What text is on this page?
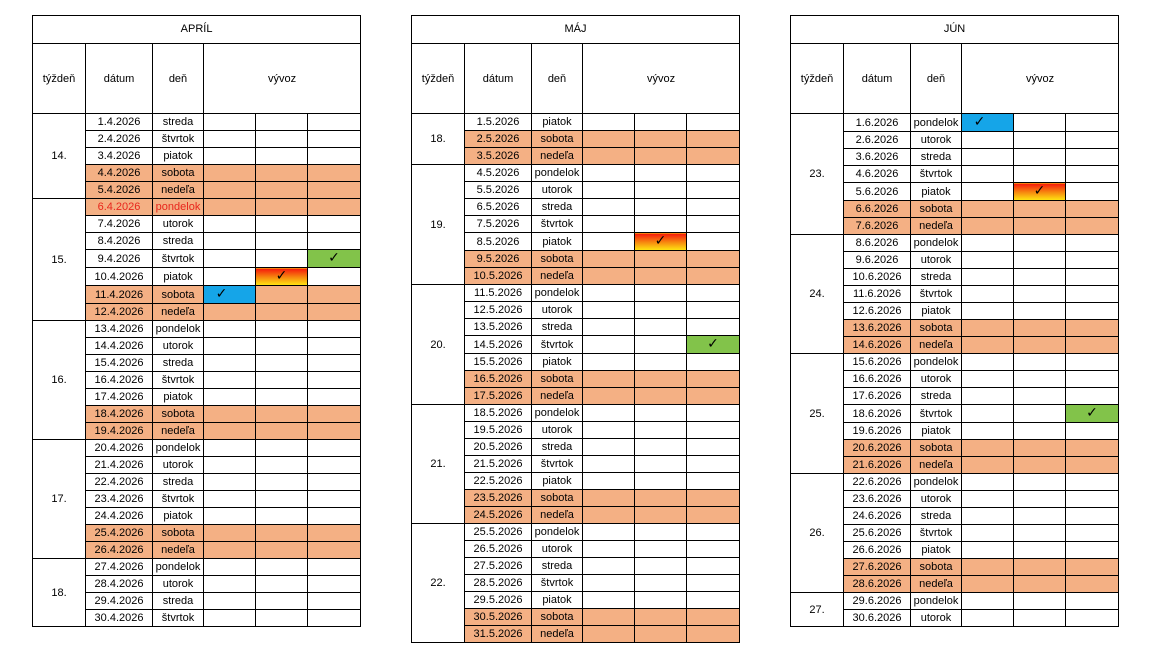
APRÍL					
týždeň	dátum	deň	vývoz		
14.	1.4.2026	streda			
	2.4.2026	štvrtok			
	3.4.2026	piatok			
	4.4.2026	sobota			
	5.4.2026	nedeľa			
15.	6.4.2026	pondelok			
	7.4.2026	utorok			
	8.4.2026	streda			
	9.4.2026	štvrtok			✓
	10.4.2026	piatok		✓	
	11.4.2026	sobota	✓		
	12.4.2026	nedeľa			
16.	13.4.2026	pondelok			
	14.4.2026	utorok			
	15.4.2026	streda			
	16.4.2026	štvrtok			
	17.4.2026	piatok			
	18.4.2026	sobota			
	19.4.2026	nedeľa			
17.	20.4.2026	pondelok			
	21.4.2026	utorok			
	22.4.2026	streda			
	23.4.2026	štvrtok			
	24.4.2026	piatok			
	25.4.2026	sobota			
	26.4.2026	nedeľa			
18.	27.4.2026	pondelok			
	28.4.2026	utorok			
	29.4.2026	streda			
	30.4.2026	štvrtok			
MÁJ					
týždeň	dátum	deň	vývoz		
18.	1.5.2026	piatok			
	2.5.2026	sobota			
	3.5.2026	nedeľa			
19.	4.5.2026	pondelok			
	5.5.2026	utorok			
	6.5.2026	streda			
	7.5.2026	štvrtok			
	8.5.2026	piatok		✓	
	9.5.2026	sobota			
	10.5.2026	nedeľa			
20.	11.5.2026	pondelok			
	12.5.2026	utorok			
	13.5.2026	streda			
	14.5.2026	štvrtok			✓
	15.5.2026	piatok			
	16.5.2026	sobota			
	17.5.2026	nedeľa			
21.	18.5.2026	pondelok			
	19.5.2026	utorok			
	20.5.2026	streda			
	21.5.2026	štvrtok			
	22.5.2026	piatok			
	23.5.2026	sobota			
	24.5.2026	nedeľa			
22.	25.5.2026	pondelok			
	26.5.2026	utorok			
	27.5.2026	streda			
	28.5.2026	štvrtok			
	29.5.2026	piatok			
	30.5.2026	sobota			
	31.5.2026	nedeľa			
JÚN					
týždeň	dátum	deň	vývoz		
23.	1.6.2026	pondelok	✓		
	2.6.2026	utorok			
	3.6.2026	streda			
	4.6.2026	štvrtok			
	5.6.2026	piatok		✓	
	6.6.2026	sobota			
	7.6.2026	nedeľa			
24.	8.6.2026	pondelok			
	9.6.2026	utorok			
	10.6.2026	streda			
	11.6.2026	štvrtok			
	12.6.2026	piatok			
	13.6.2026	sobota			
	14.6.2026	nedeľa			
25.	15.6.2026	pondelok			
	16.6.2026	utorok			
	17.6.2026	streda			
	18.6.2026	štvrtok			✓
	19.6.2026	piatok			
	20.6.2026	sobota			
	21.6.2026	nedeľa			
26.	22.6.2026	pondelok			
	23.6.2026	utorok			
	24.6.2026	streda			
	25.6.2026	štvrtok			
	26.6.2026	piatok			
	27.6.2026	sobota			
	28.6.2026	nedeľa			
27.	29.6.2026	pondelok			
	30.6.2026	utorok			
